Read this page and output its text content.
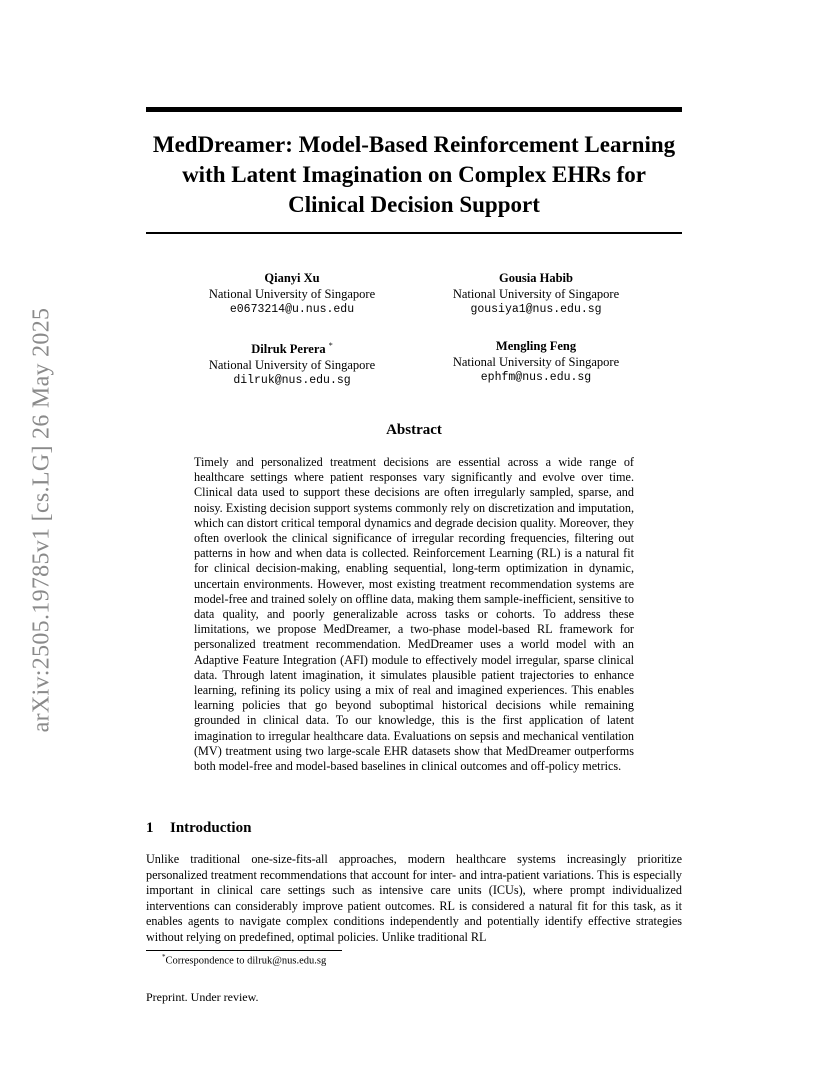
arXiv:2505.19785v1 [cs.LG] 26 May 2025
MedDreamer: Model-Based Reinforcement Learning with Latent Imagination on Complex EHRs for Clinical Decision Support
Qianyi Xu
National University of Singapore
e0673214@u.nus.edu
Gousia Habib
National University of Singapore
gousiya1@nus.edu.sg
Dilruk Perera *
National University of Singapore
dilruk@nus.edu.sg
Mengling Feng
National University of Singapore
ephfm@nus.edu.sg
Abstract

Timely and personalized treatment decisions are essential across a wide range of healthcare settings where patient responses vary significantly and evolve over time. Clinical data used to support these decisions are often irregularly sampled, sparse, and noisy. Existing decision support systems commonly rely on discretization and imputation, which can distort critical temporal dynamics and degrade decision quality. Moreover, they often overlook the clinical significance of irregular recording frequencies, filtering out patterns in how and when data is collected. Reinforcement Learning (RL) is a natural fit for clinical decision-making, enabling sequential, long-term optimization in dynamic, uncertain environments. However, most existing treatment recommendation systems are model-free and trained solely on offline data, making them sample-inefficient, sensitive to data quality, and poorly generalizable across tasks or cohorts. To address these limitations, we propose MedDreamer, a two-phase model-based RL framework for personalized treatment recommendation. MedDreamer uses a world model with an Adaptive Feature Integration (AFI) module to effectively model irregular, sparse clinical data. Through latent imagination, it simulates plausible patient trajectories to enhance learning, refining its policy using a mix of real and imagined experiences. This enables learning policies that go beyond suboptimal historical decisions while remaining grounded in clinical data. To our knowledge, this is the first application of latent imagination to irregular healthcare data. Evaluations on sepsis and mechanical ventilation (MV) treatment using two large-scale EHR datasets show that MedDreamer outperforms both model-free and model-based baselines in clinical outcomes and off-policy metrics.

1 Introduction

Unlike traditional one-size-fits-all approaches, modern healthcare systems increasingly prioritize personalized treatment recommendations that account for inter- and intra-patient variations. This is especially important in clinical care settings such as intensive care units (ICUs), where prompt individualized interventions can considerably improve patient outcomes. RL is considered a natural fit for this task, as it enables agents to navigate complex conditions independently and potentially identify effective strategies without relying on predefined, optimal policies. Unlike traditional RL

*Correspondence to dilruk@nus.edu.sg

Preprint. Under review.
